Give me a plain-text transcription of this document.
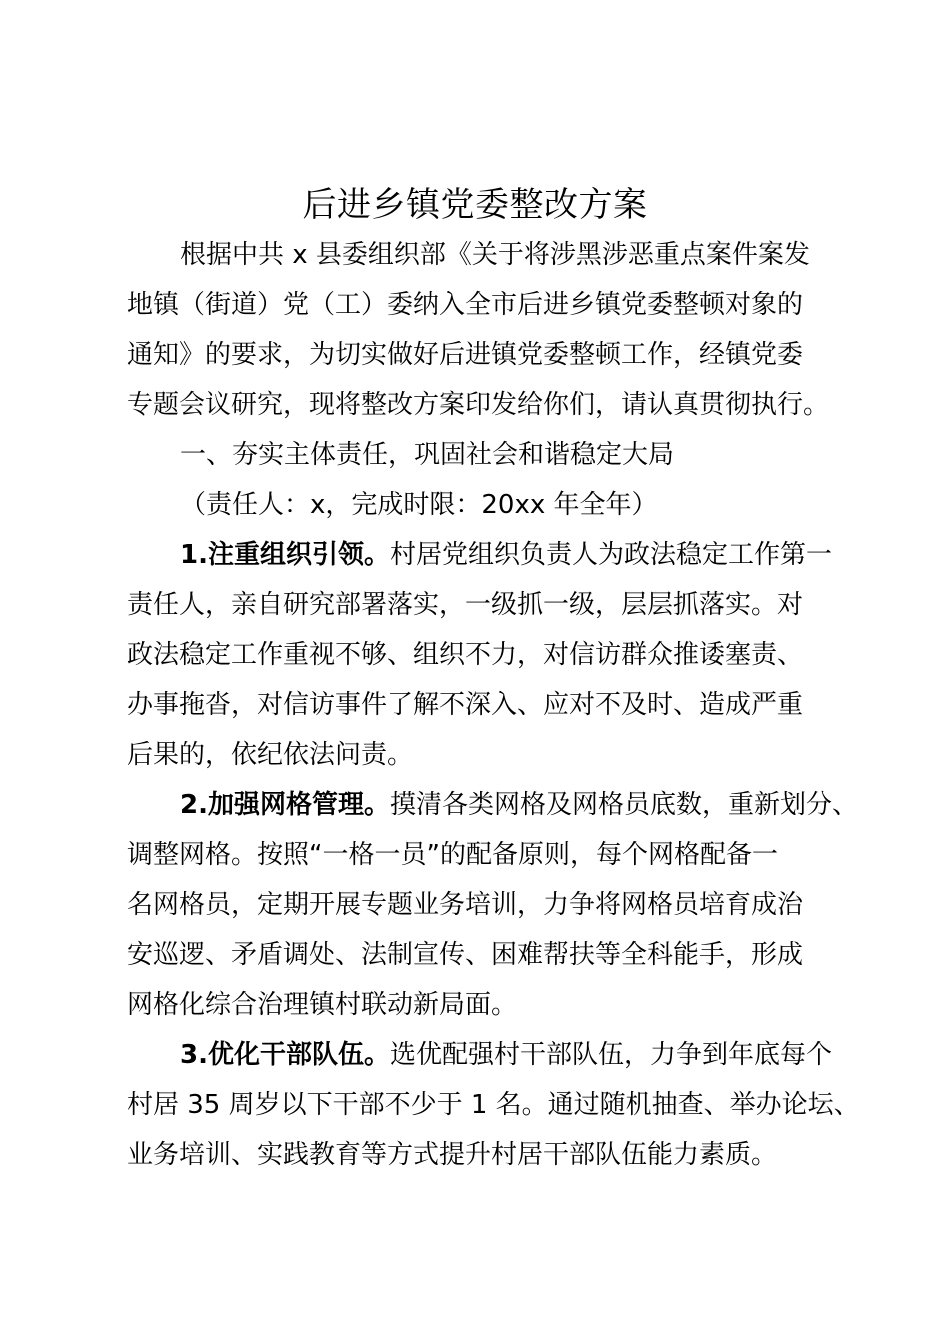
后进乡镇党委整改方案
根据中共 x 县委组织部《关于将涉黑涉恶重点案件案发
地镇（街道）党（工）委纳入全市后进乡镇党委整顿对象的
通知》的要求，为切实做好后进镇党委整顿工作，经镇党委
专题会议研究，现将整改方案印发给你们，请认真贯彻执行。
一、夯实主体责任，巩固社会和谐稳定大局
（责任人：x，完成时限：20xx 年全年）
1.注重组织引领。村居党组织负责人为政法稳定工作第一
责任人，亲自研究部署落实，一级抓一级，层层抓落实。对
政法稳定工作重视不够、组织不力，对信访群众推诿塞责、
办事拖沓，对信访事件了解不深入、应对不及时、造成严重
后果的，依纪依法问责。
2.加强网格管理。摸清各类网格及网格员底数，重新划分、
调整网格。按照“一格一员”的配备原则，每个网格配备一
名网格员，定期开展专题业务培训，力争将网格员培育成治
安巡逻、矛盾调处、法制宣传、困难帮扶等全科能手，形成
网格化综合治理镇村联动新局面。
3.优化干部队伍。选优配强村干部队伍，力争到年底每个
村居 35 周岁以下干部不少于 1 名。通过随机抽查、举办论坛、
业务培训、实践教育等方式提升村居干部队伍能力素质。
